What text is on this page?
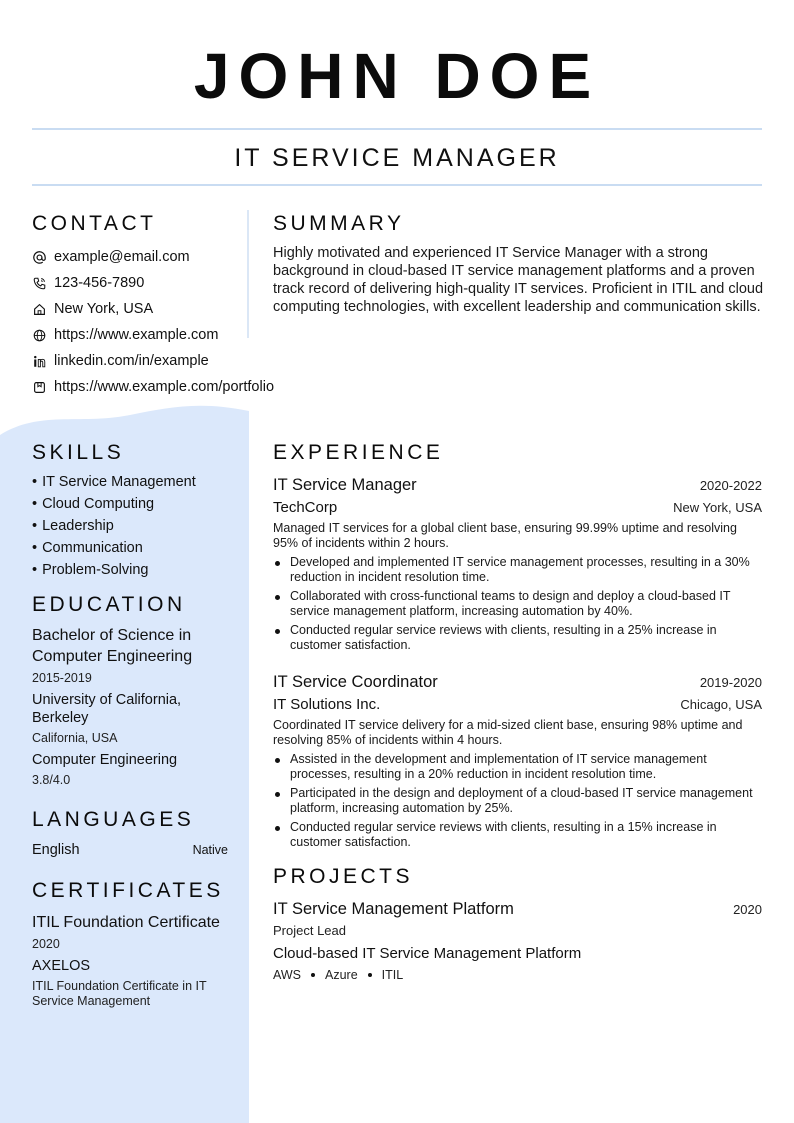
JOHN DOE
IT SERVICE MANAGER
CONTACT
example@email.com
123-456-7890
New York, USA
https://www.example.com
linkedin.com/in/example
https://www.example.com/portfolio
SUMMARY

Highly motivated and experienced IT Service Manager with a strong background in cloud-based IT service management platforms and a proven track record of delivering high-quality IT services. Proficient in ITIL and cloud computing technologies, with excellent leadership and communication skills.

SKILLS
• IT Service Management
• Cloud Computing
• Leadership
• Communication
• Problem-Solving
EDUCATION
Bachelor of Science in Computer Engineering
2015-2019
University of California, Berkeley
California, USA
Computer Engineering
3.8/4.0
LANGUAGES
English	Native
CERTIFICATES
ITIL Foundation Certificate
2020
AXELOS
ITIL Foundation Certificate in IT Service Management
EXPERIENCE
IT Service Manager	2020-2022
TechCorp	New York, USA
Managed IT services for a global client base, ensuring 99.99% uptime and resolving 95% of incidents within 2 hours.
Developed and implemented IT service management processes, resulting in a 30% reduction in incident resolution time.
Collaborated with cross-functional teams to design and deploy a cloud-based IT service management platform, increasing automation by 40%.
Conducted regular service reviews with clients, resulting in a 25% increase in customer satisfaction.
IT Service Coordinator	2019-2020
IT Solutions Inc.	Chicago, USA
Coordinated IT service delivery for a mid-sized client base, ensuring 98% uptime and resolving 85% of incidents within 4 hours.
Assisted in the development and implementation of IT service management processes, resulting in a 20% reduction in incident resolution time.
Participated in the design and deployment of a cloud-based IT service management platform, increasing automation by 25%.
Conducted regular service reviews with clients, resulting in a 15% increase in customer satisfaction.
PROJECTS
IT Service Management Platform	2020
Project Lead
Cloud-based IT Service Management Platform
AWS Azure ITIL
